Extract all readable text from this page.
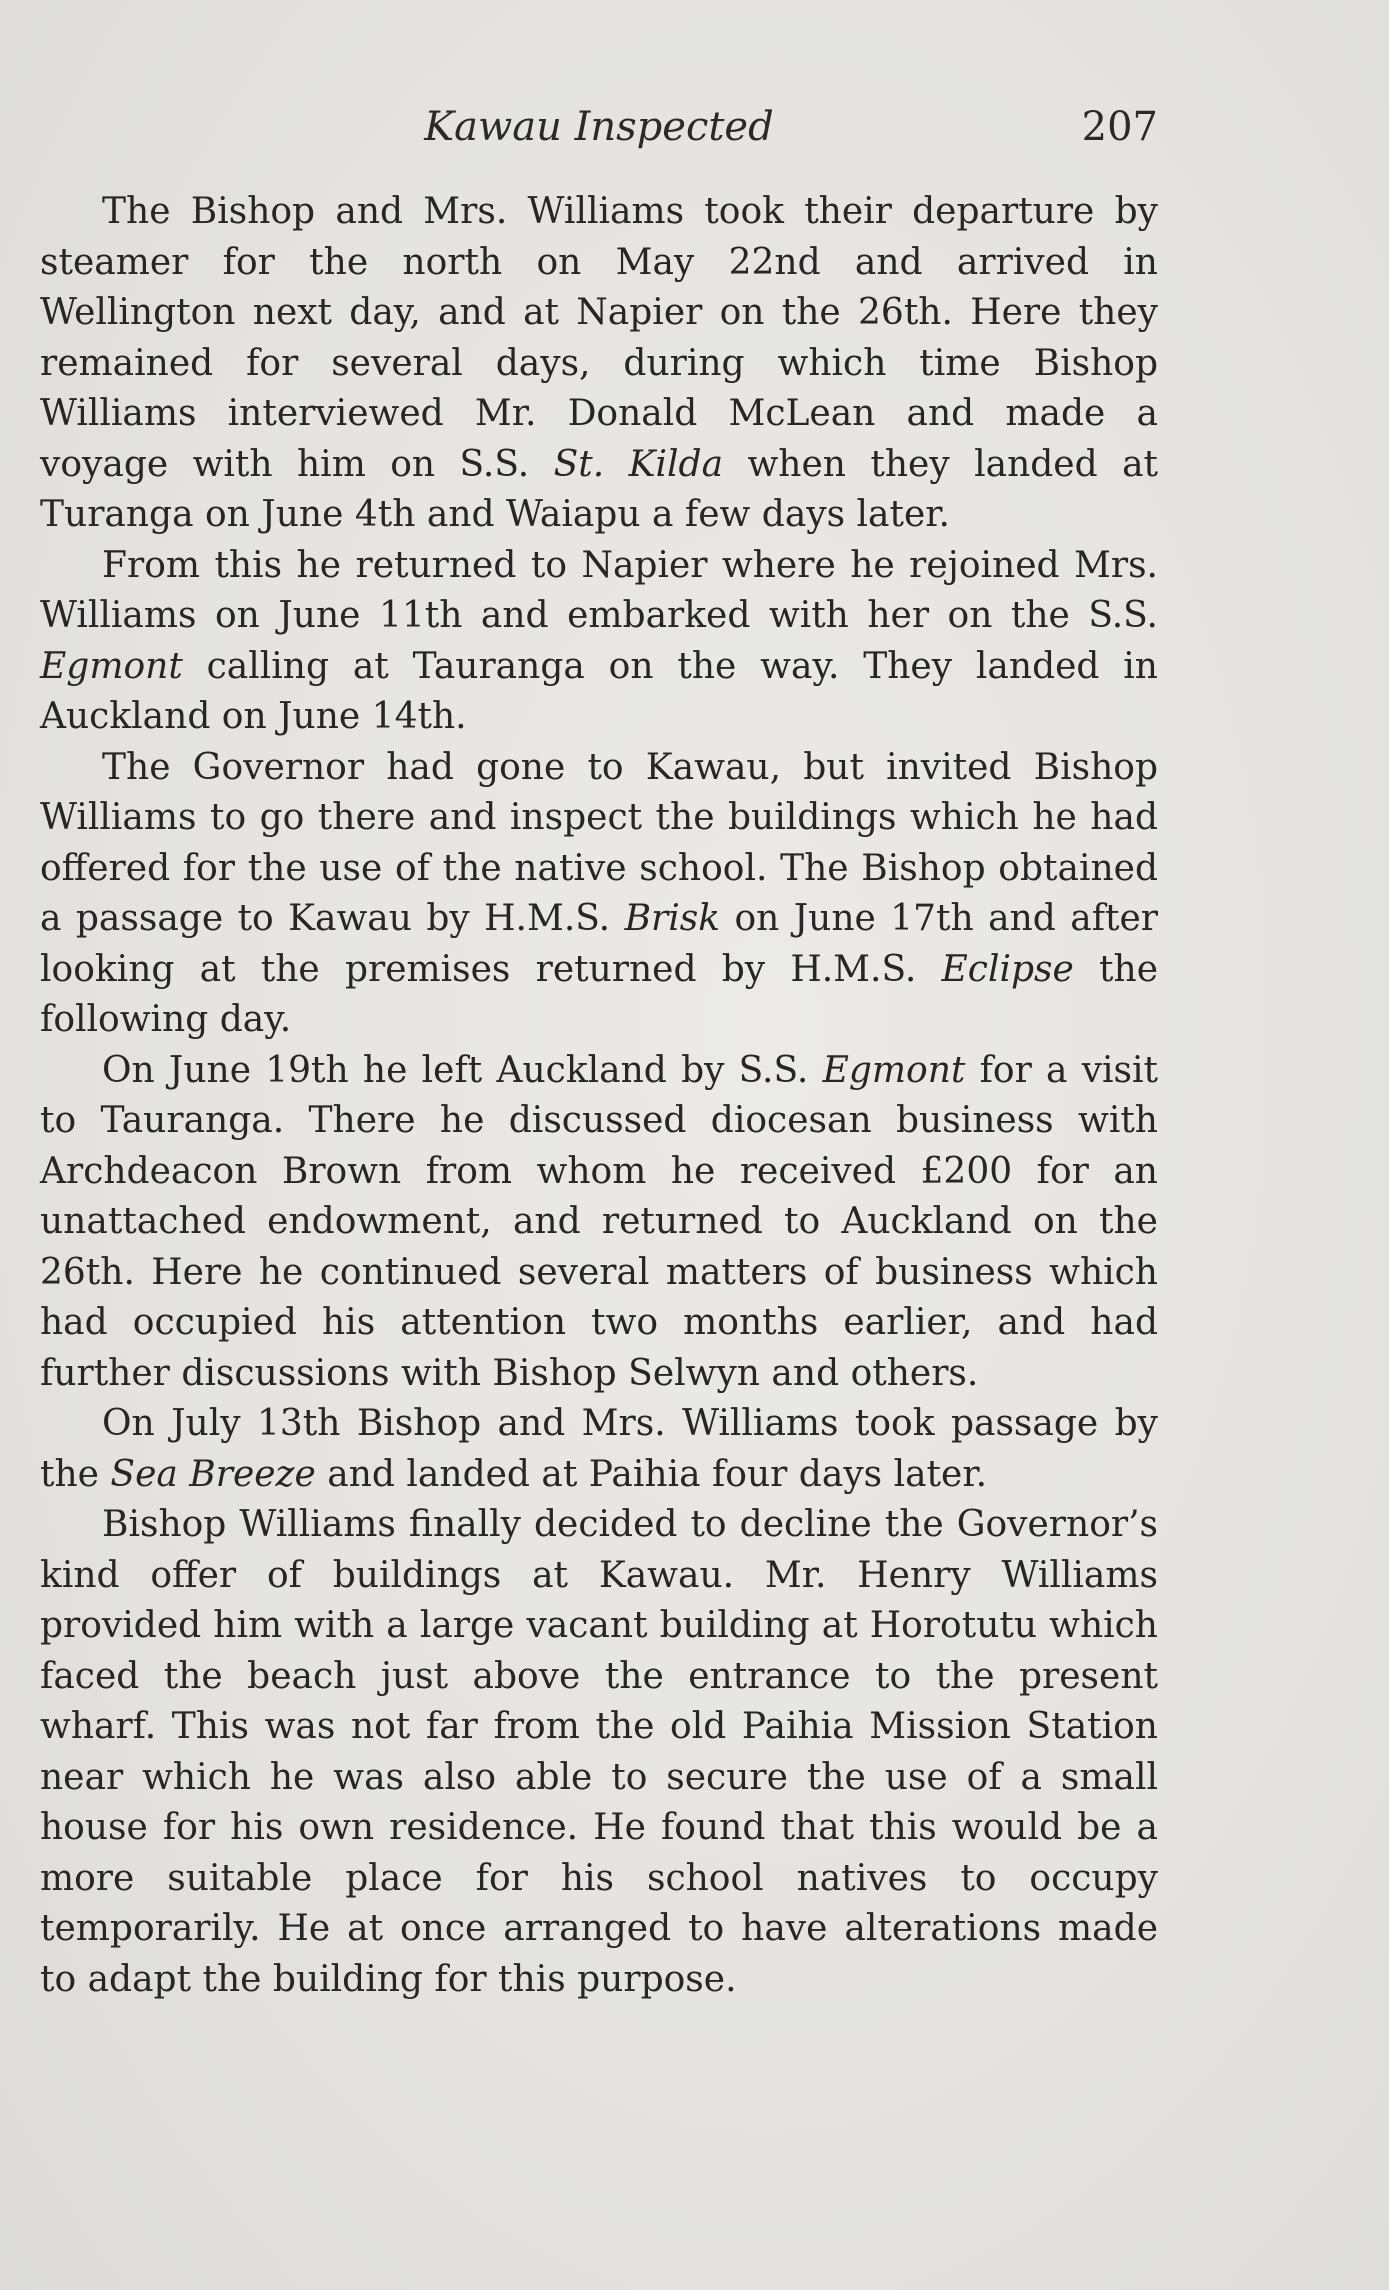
Kawau Inspected	207

The Bishop and Mrs. Williams took their departure by steamer for the north on May 22nd and arrived in Wellington next day, and at Napier on the 26th. Here they remained for several days, during which time Bishop Williams interviewed Mr. Donald McLean and made a voyage with him on S.S. St. Kilda when they landed at Turanga on June 4th and Waiapu a few days later.

From this he returned to Napier where he rejoined Mrs. Williams on June 11th and embarked with her on the S.S. Egmont calling at Tauranga on the way. They landed in Auckland on June 14th.

The Governor had gone to Kawau, but invited Bishop Williams to go there and inspect the buildings which he had offered for the use of the native school. The Bishop obtained a passage to Kawau by H.M.S. Brisk on June 17th and after looking at the premises returned by H.M.S. Eclipse the following day.

On June 19th he left Auckland by S.S. Egmont for a visit to Tauranga. There he discussed diocesan business with Archdeacon Brown from whom he received £200 for an unattached endowment, and returned to Auckland on the 26th. Here he continued several matters of business which had occupied his attention two months earlier, and had further discussions with Bishop Selwyn and others.

On July 13th Bishop and Mrs. Williams took passage by the Sea Breeze and landed at Paihia four days later.

Bishop Williams finally decided to decline the Governor’s kind offer of buildings at Kawau. Mr. Henry Williams provided him with a large vacant building at Horotutu which faced the beach just above the entrance to the present wharf. This was not far from the old Paihia Mission Station near which he was also able to secure the use of a small house for his own residence. He found that this would be a more suitable place for his school natives to occupy temporarily. He at once arranged to have alterations made to adapt the building for this purpose.
